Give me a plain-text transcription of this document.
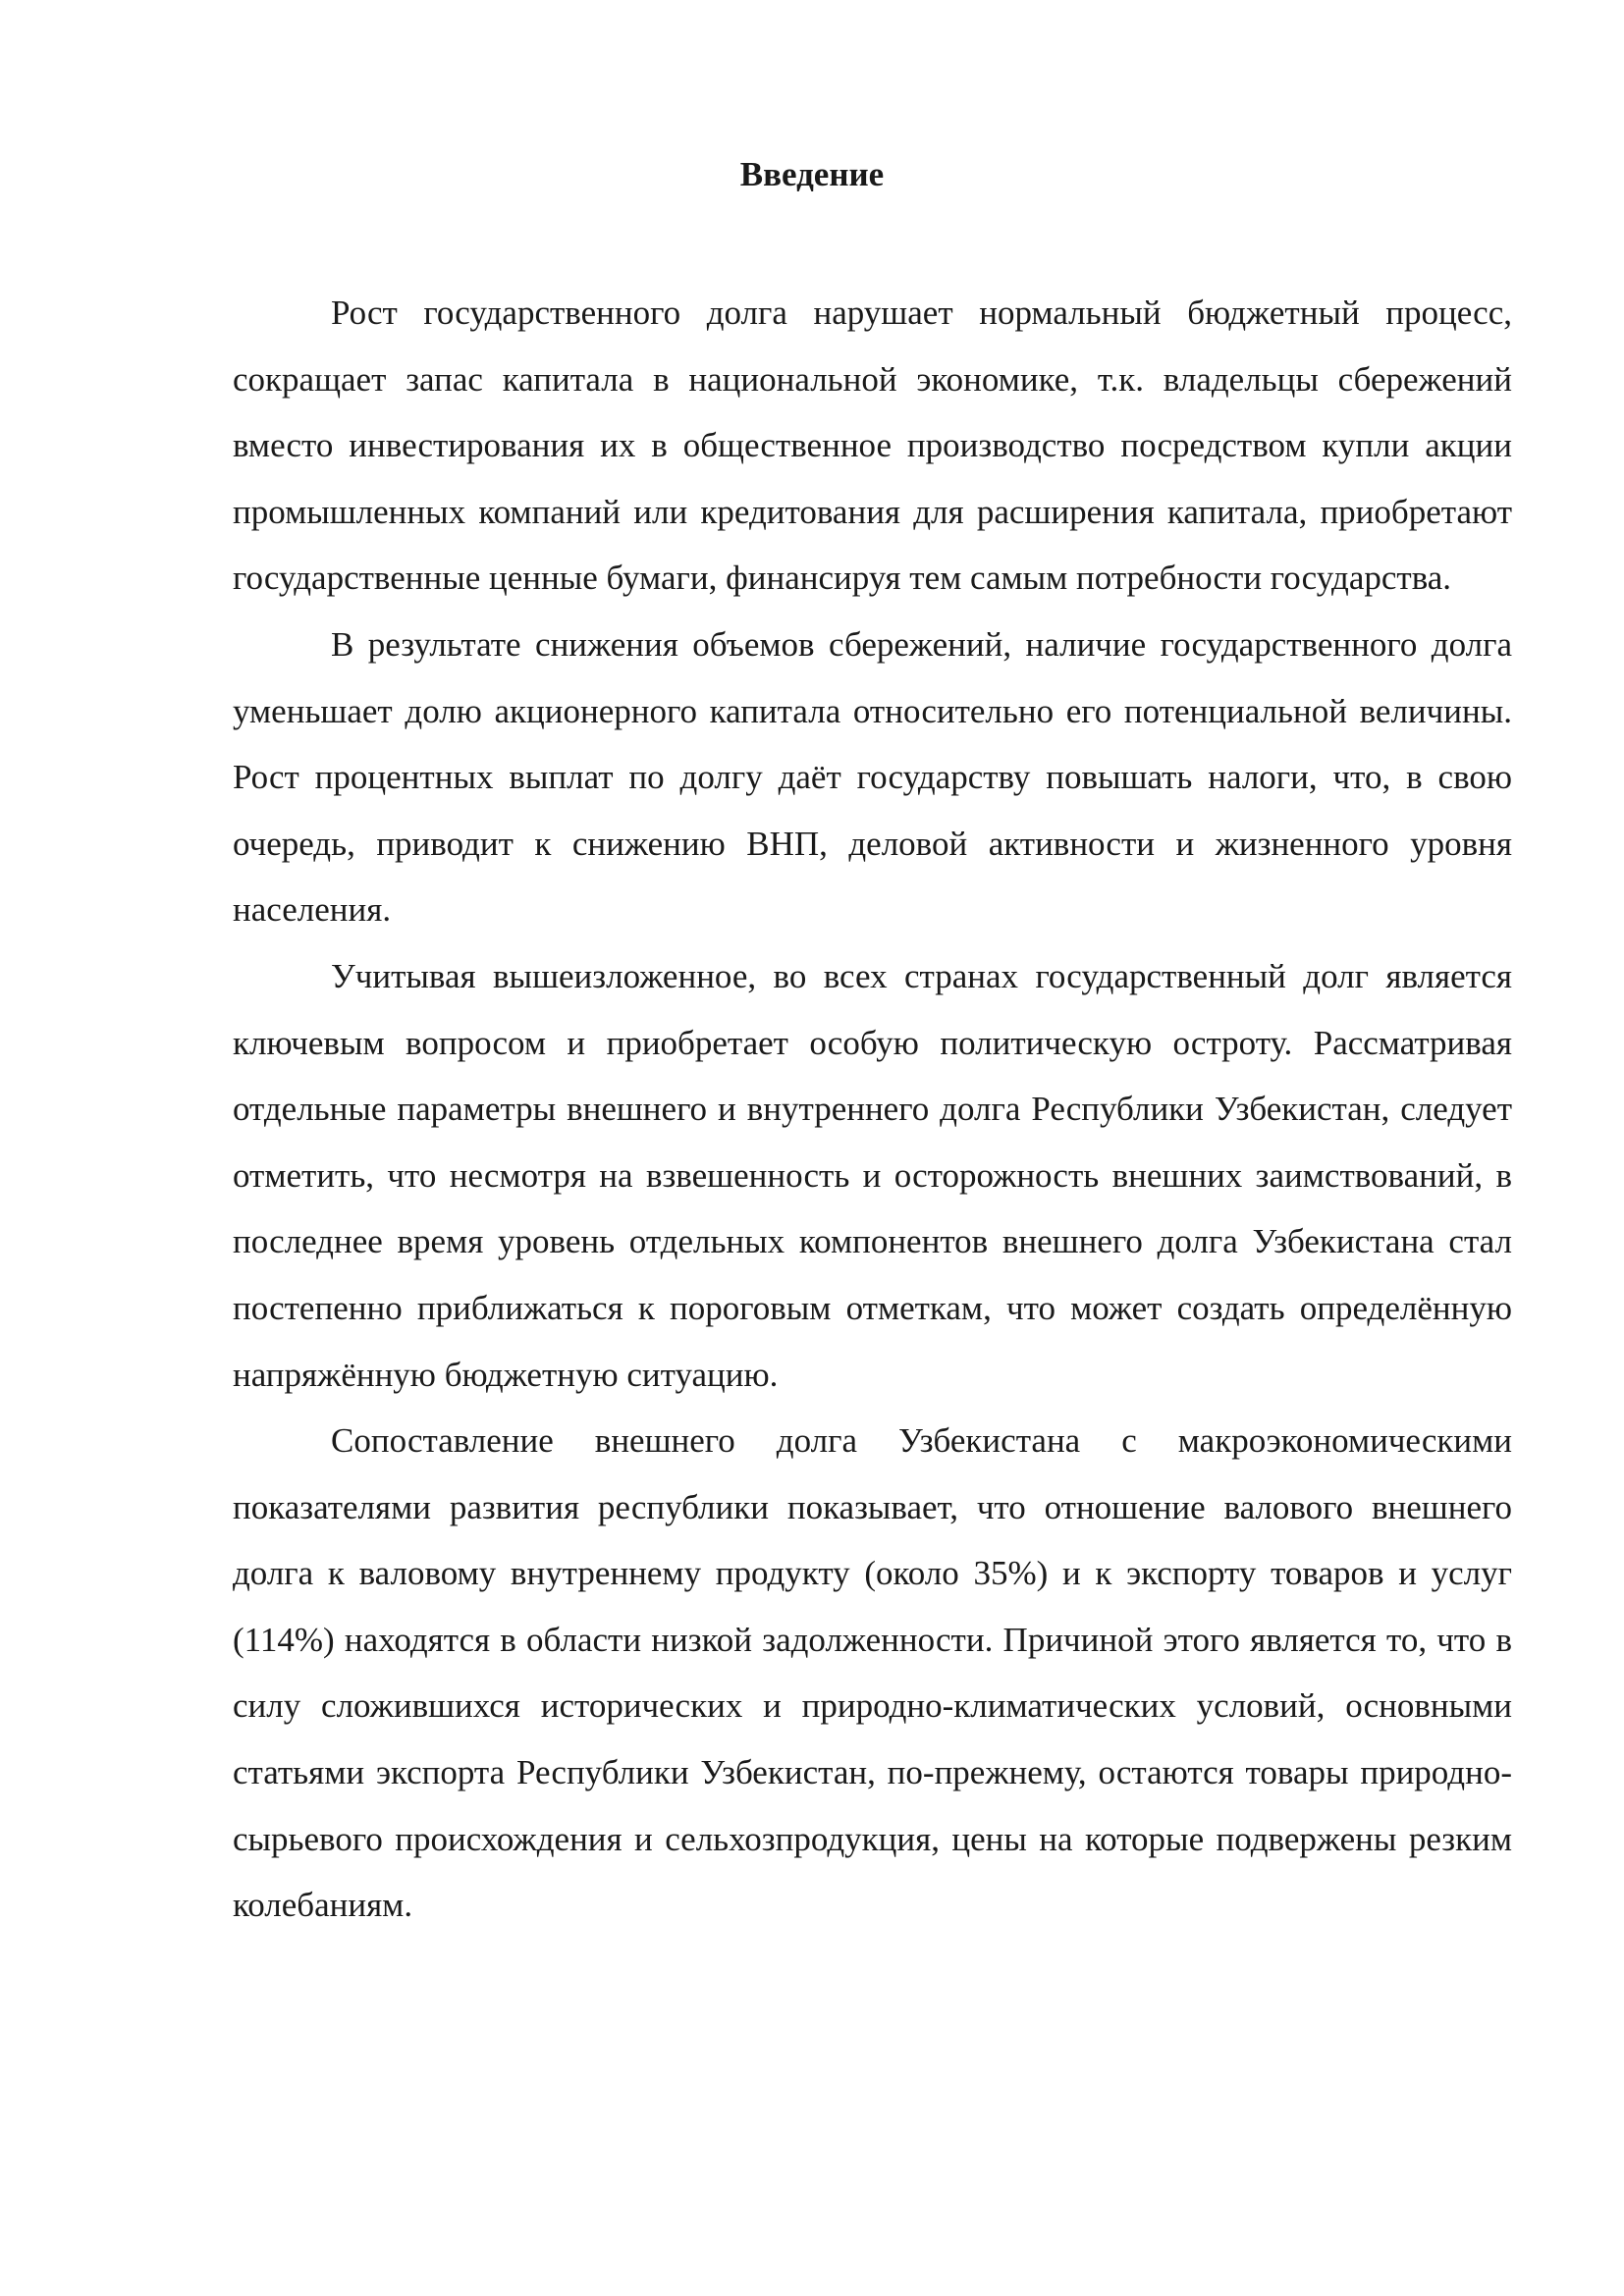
Введение

Рост государственного долга нарушает нормальный бюджетный процесс, сокращает запас капитала в национальной экономике, т.к. владельцы сбережений вместо инвестирования их в общественное производство посредством купли акции промышленных компаний или кредитования для расширения капитала, приобретают государственные ценные бумаги, финансируя тем самым потребности государства.

В результате снижения объемов сбережений, наличие государственного долга уменьшает долю акционерного капитала относительно его потенциальной величины. Рост процентных выплат по долгу даёт государству повышать налоги, что, в свою очередь, приводит к снижению ВНП, деловой активности и жизненного уровня населения.

Учитывая вышеизложенное, во всех странах государственный долг является ключевым вопросом и приобретает особую политическую остроту. Рассматривая отдельные параметры внешнего и внутреннего долга Республики Узбекистан, следует отметить, что несмотря на взвешенность и осторожность внешних заимствований, в последнее время уровень отдельных компонентов внешнего долга Узбекистана стал постепенно приближаться к пороговым отметкам, что может создать определённую напряжённую бюджетную ситуацию.

Сопоставление внешнего долга Узбекистана с макроэкономическими показателями развития республики показывает, что отношение валового внешнего долга к валовому внутреннему продукту (около 35%) и к экспорту товаров и услуг (114%) находятся в области низкой задолженности. Причиной этого является то, что в силу сложившихся исторических и природно-климатических условий, основными статьями экспорта Республики Узбекистан, по-прежнему, остаются товары природно-сырьевого происхождения и сельхозпродукция, цены на которые подвержены резким колебаниям.
